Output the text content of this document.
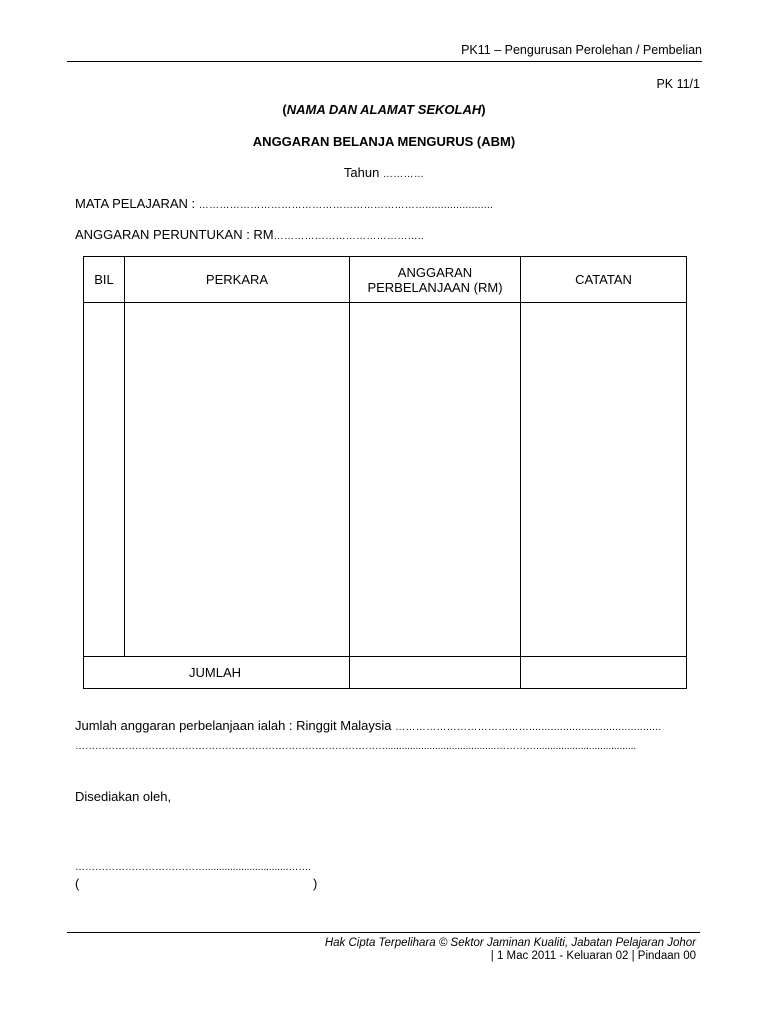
PK11 – Pengurusan Perolehan / Pembelian
PK 11/1
(NAMA DAN ALAMAT SEKOLAH)
ANGGARAN BELANJA MENGURUS (ABM)
Tahun …………
MATA PELAJARAN : …………………………………………………………......................
ANGGARAN PERUNTUKAN : RM……………………………………..
BIL	PERKARA	ANGGARAN
PERBELANJAAN (RM)	CATATAN

JUMLAH			
Jumlah anggaran perbelanjaan ialah : Ringgit Malaysia …………………………………...........................................
…………………………………………………………………………………........................................…………....................................
Disediakan oleh,
…………………………………..............................…….
(	)
Hak Cipta Terpelihara © Sektor Jaminan Kualiti, Jabatan Pelajaran Johor
| 1 Mac 2011 - Keluaran 02 | Pindaan 00
